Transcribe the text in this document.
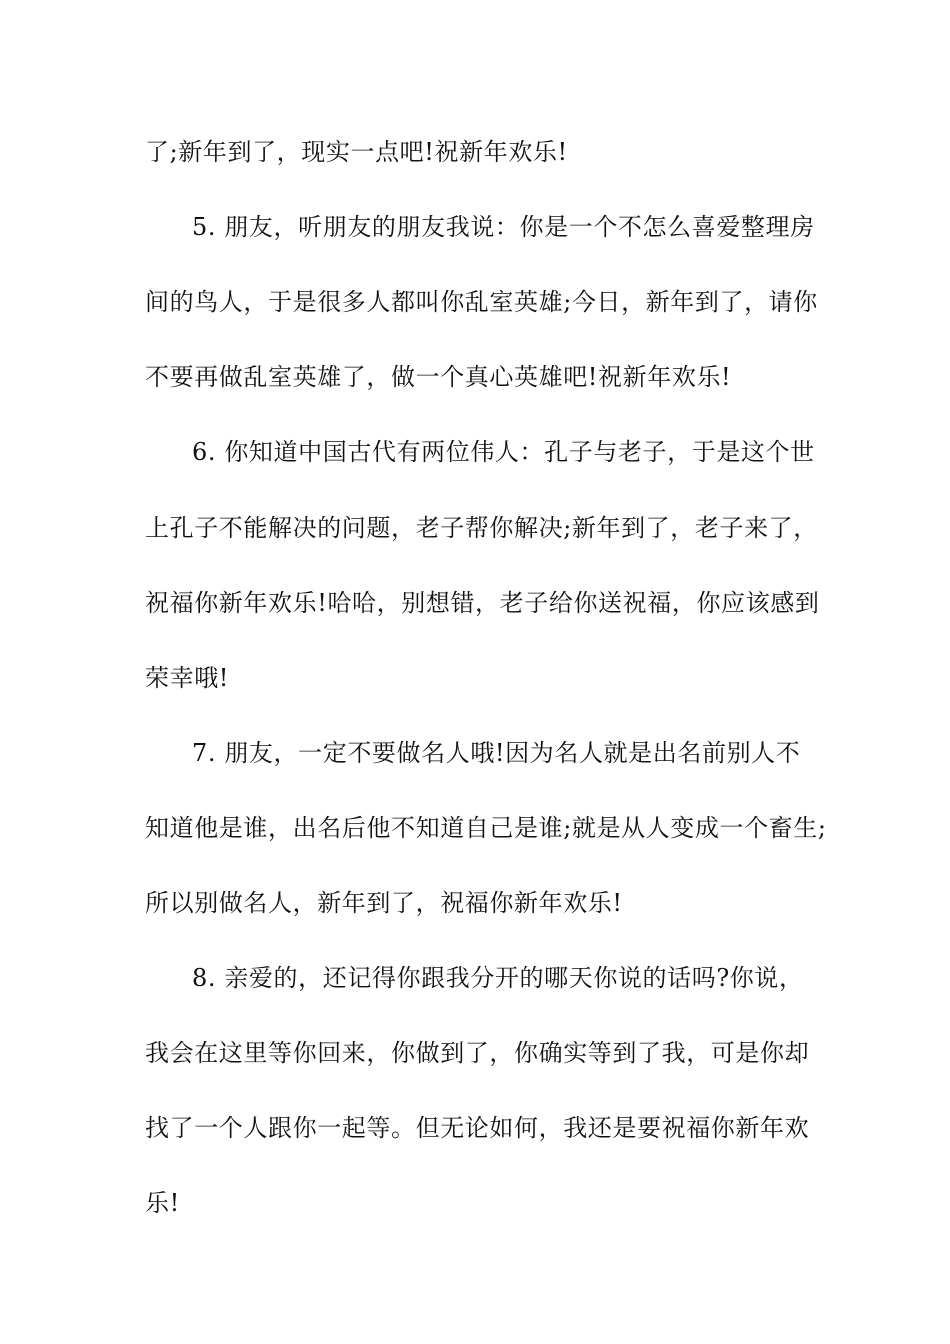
了;新年到了，现实一点吧!祝新年欢乐!
5. 朋友，听朋友的朋友我说：你是一个不怎么喜爱整理房
间的鸟人，于是很多人都叫你乱室英雄;今日，新年到了，请你
不要再做乱室英雄了，做一个真心英雄吧!祝新年欢乐!
6. 你知道中国古代有两位伟人：孔子与老子，于是这个世
上孔子不能解决的问题，老子帮你解决;新年到了，老子来了，
祝福你新年欢乐!哈哈，别想错，老子给你送祝福，你应该感到
荣幸哦!
7. 朋友，一定不要做名人哦!因为名人就是出名前别人不
知道他是谁，出名后他不知道自己是谁;就是从人变成一个畜生;
所以别做名人，新年到了，祝福你新年欢乐!
8. 亲爱的，还记得你跟我分开的哪天你说的话吗?你说，
我会在这里等你回来，你做到了，你确实等到了我，可是你却
找了一个人跟你一起等。但无论如何，我还是要祝福你新年欢
乐!
